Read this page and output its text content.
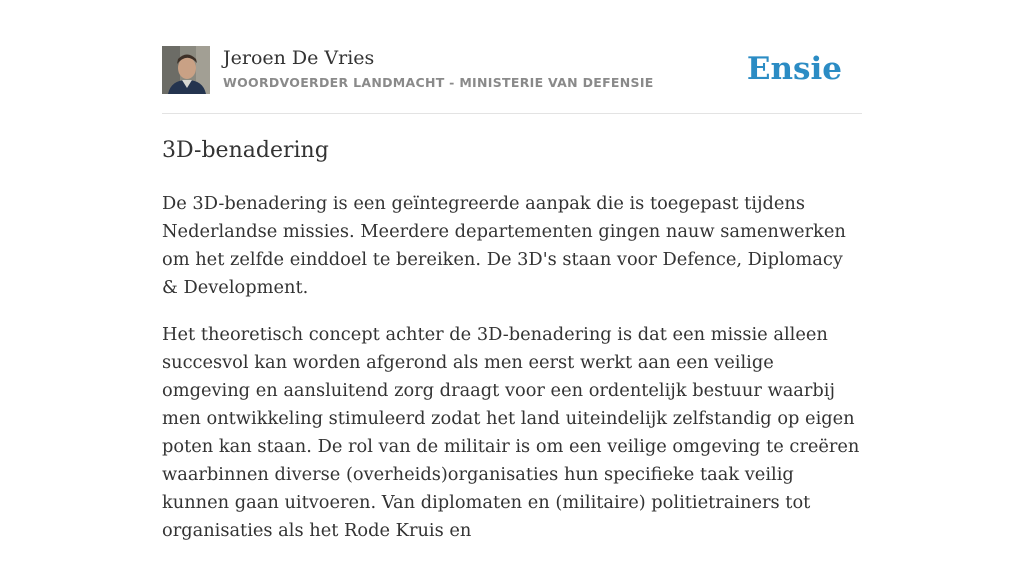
Jeroen De Vries
WOORDVOERDER LANDMACHT - MINISTERIE VAN DEFENSIE	Ensie
3D-benadering

De 3D-benadering is een geïntegreerde aanpak die is toegepast tijdens Nederlandse missies. Meerdere departementen gingen nauw samenwerken om het zelfde einddoel te bereiken. De 3D's staan voor Defence, Diplomacy & Development.

Het theoretisch concept achter de 3D-benadering is dat een missie alleen succesvol kan worden afgerond als men eerst werkt aan een veilige omgeving en aansluitend zorg draagt voor een ordentelijk bestuur waarbij men ontwikkeling stimuleerd zodat het land uiteindelijk zelfstandig op eigen poten kan staan. De rol van de militair is om een veilige omgeving te creëren waarbinnen diverse (overheids)organisaties hun specifieke taak veilig kunnen gaan uitvoeren. Van diplomaten en (militaire) politietrainers tot organisaties als het Rode Kruis en
